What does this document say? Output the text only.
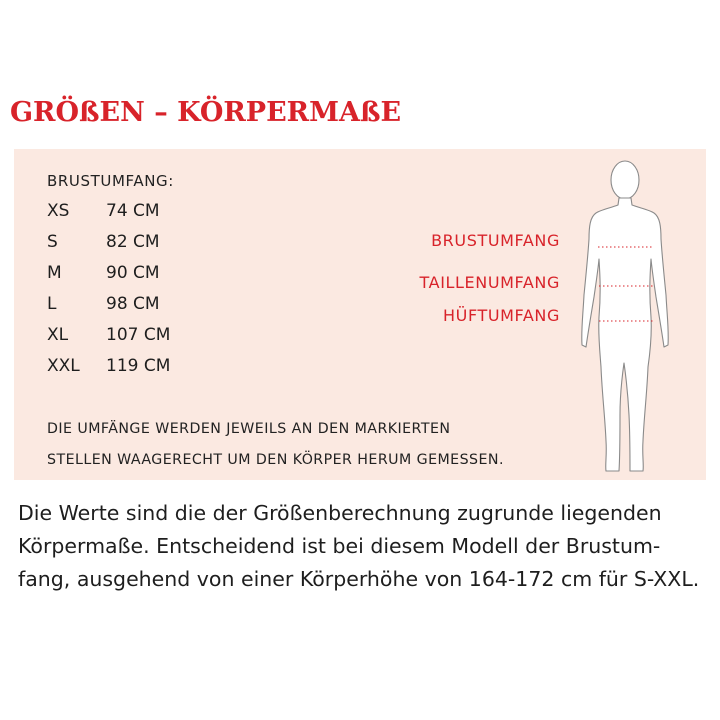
GRÖßEN – KÖRPERMAßE
BRUSTUMFANG:
XS 74 CM
S	82 CM
M	90 CM
L	98 CM
XL 107 CM
XXL 119 CM
BRUSTUMFANG
TAILLENUMFANG
HÜFTUMFANG
DIE UMFÄNGE WERDEN JEWEILS AN DEN MARKIERTEN
STELLEN WAAGERECHT UM DEN KÖRPER HERUM GEMESSEN.

Die Werte sind die der Größenberechnung zugrunde liegenden
Körpermaße. Entscheidend ist bei diesem Modell der Brustum-
fang, ausgehend von einer Körperhöhe von 164-172 cm für S-XXL.
